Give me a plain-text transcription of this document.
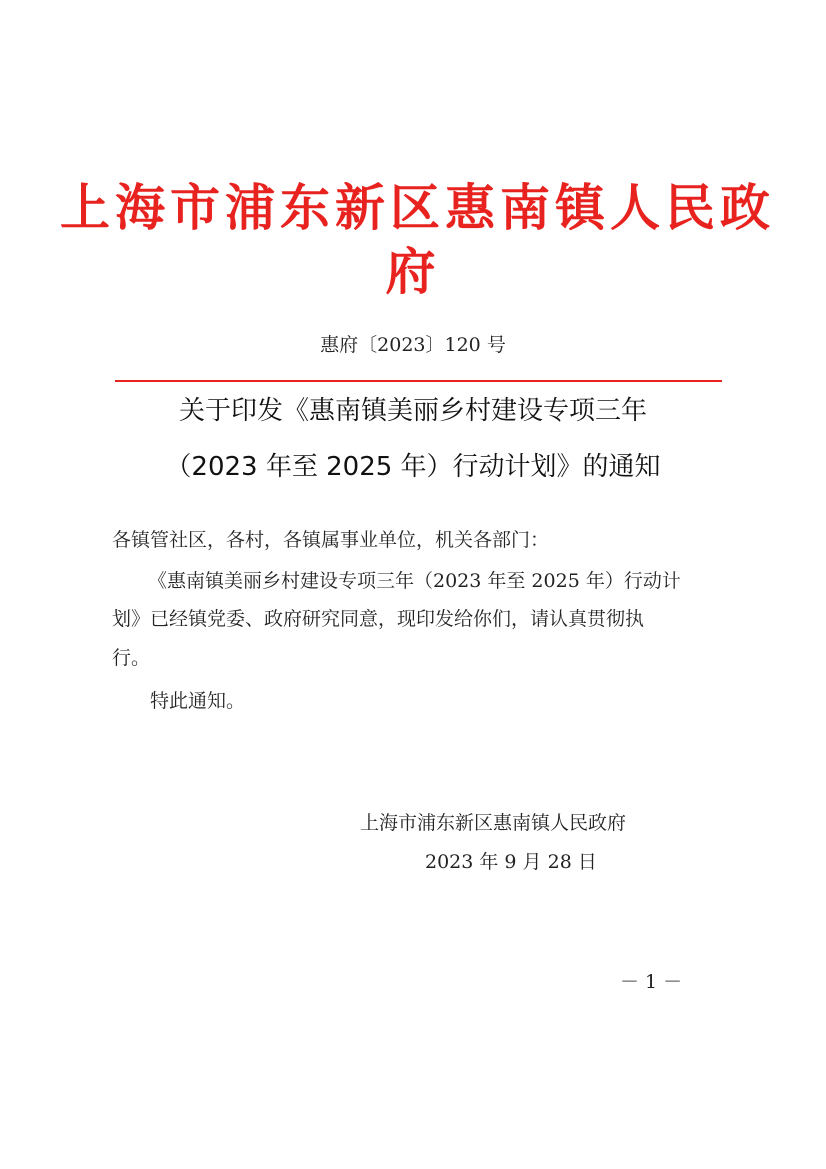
上海市浦东新区惠南镇人民政
府
惠府〔2023〕120 号
关于印发《惠南镇美丽乡村建设专项三年
（2023 年至 2025 年）行动计划》的通知
各镇管社区，各村，各镇属事业单位，机关各部门：
《惠南镇美丽乡村建设专项三年（2023 年至 2025 年）行动计
划》已经镇党委、政府研究同意，现印发给你们，请认真贯彻执
行。
特此通知。
上海市浦东新区惠南镇人民政府
2023 年 9 月 28 日
－ 1 －
